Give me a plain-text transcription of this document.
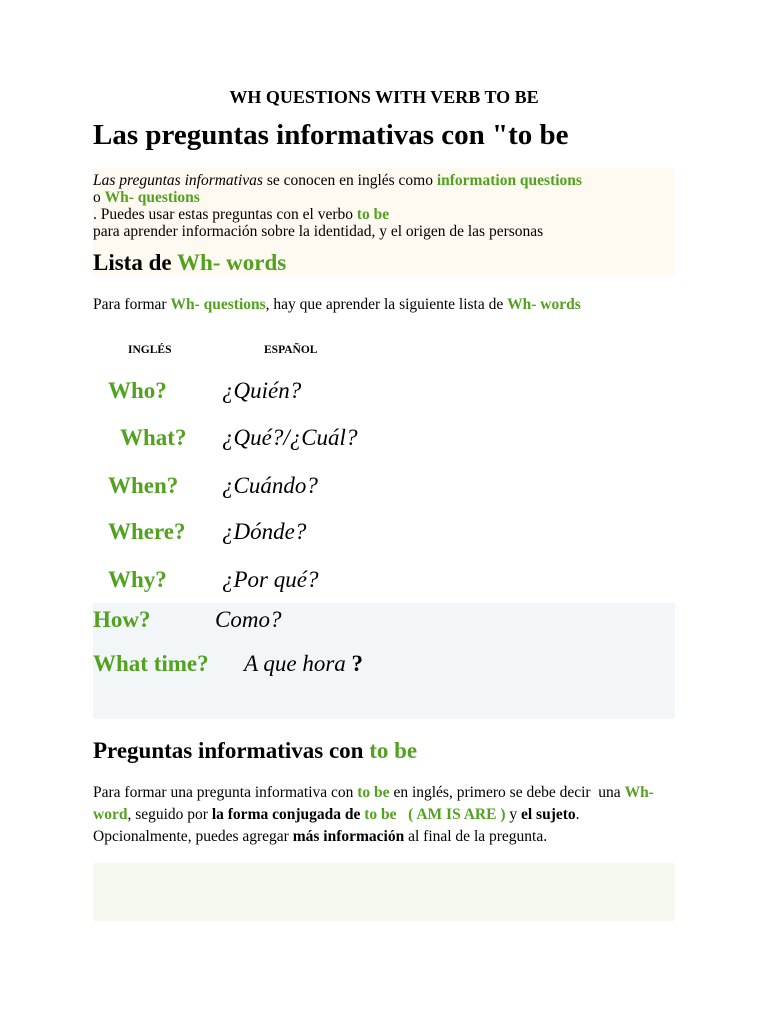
WH QUESTIONS WITH VERB TO BE
Las preguntas informativas con "to be
Las preguntas informativas se conocen en inglés como information questions
o Wh- questions
. Puedes usar estas preguntas con el verbo to be
para aprender información sobre la identidad, y el origen de las personas
Lista de Wh- words
Para formar Wh- questions, hay que aprender la siguiente lista de Wh- words
INGLÉS	ESPAÑOL
Who? ¿Quién?
What? ¿Qué?/¿Cuál?
When? ¿Cuándo?
Where? ¿Dónde?
Why? ¿Por qué?
How?	Como?
What time? A que hora ?
Preguntas informativas con to be
Para formar una pregunta informativa con to be en inglés, primero se debe decir  una Wh-
word, seguido por la forma conjugada de to be   ( AM IS ARE ) y el sujeto.
Opcionalmente, puedes agregar más información al final de la pregunta.
